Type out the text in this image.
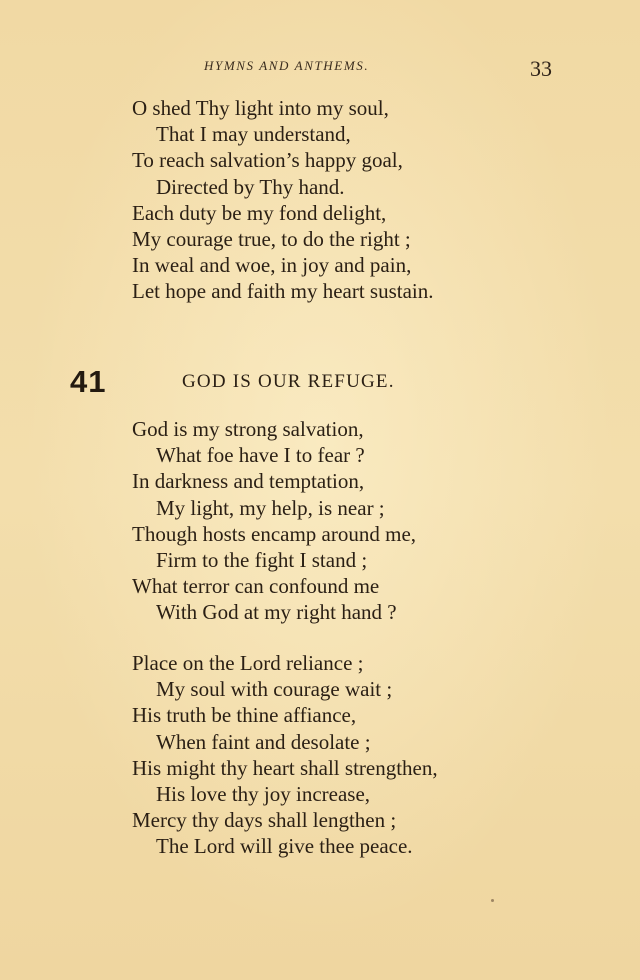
HYMNS AND ANTHEMS.	33
O shed Thy light into my soul,
That I may understand,
To reach salvation’s happy goal,
Directed by Thy hand.
Each duty be my fond delight,
My courage true, to do the right ;
In weal and woe, in joy and pain,
Let hope and faith my heart sustain.
41	GOD IS OUR REFUGE.
God is my strong salvation,
What foe have I to fear ?
In darkness and temptation,
My light, my help, is near ;
Though hosts encamp around me,
Firm to the fight I stand ;
What terror can confound me
With God at my right hand ?
Place on the Lord reliance ;
My soul with courage wait ;
His truth be thine affiance,
When faint and desolate ;
His might thy heart shall strengthen,
His love thy joy increase,
Mercy thy days shall lengthen ;
The Lord will give thee peace.
